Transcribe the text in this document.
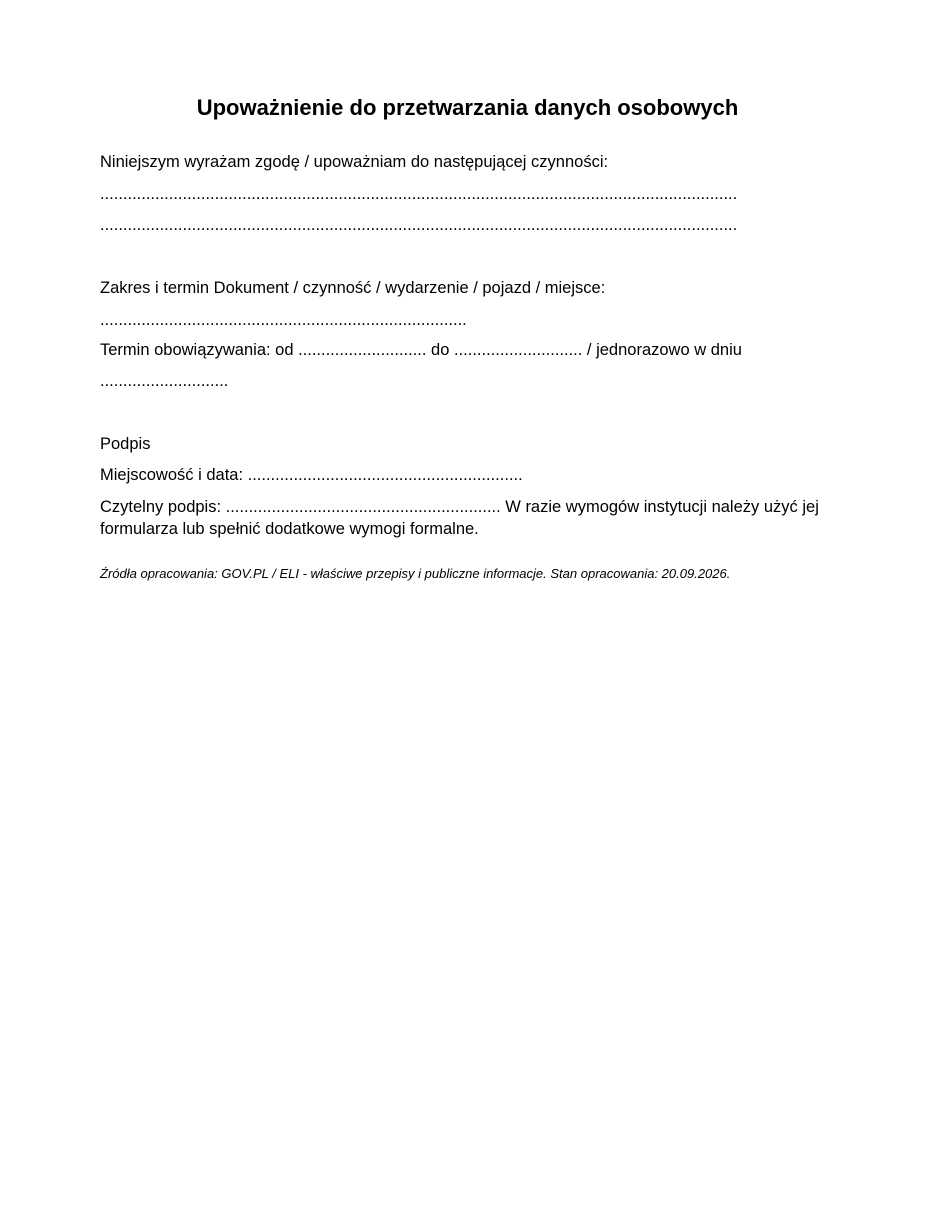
Upoważnienie do przetwarzania danych osobowych

Niniejszym wyrażam zgodę / upoważniam do następującej czynności:

...........................................................................................................................................

...........................................................................................................................................

Zakres i termin Dokument / czynność / wydarzenie / pojazd / miejsce:

................................................................................

Termin obowiązywania: od ............................ do ............................ / jednorazowo w dniu

............................

Podpis

Miejscowość i data: ............................................................

Czytelny podpis: ............................................................ W razie wymogów instytucji należy użyć jej formularza lub spełnić dodatkowe wymogi formalne.

Źródła opracowania: GOV.PL / ELI - właściwe przepisy i publiczne informacje. Stan opracowania: 20.09.2026.
